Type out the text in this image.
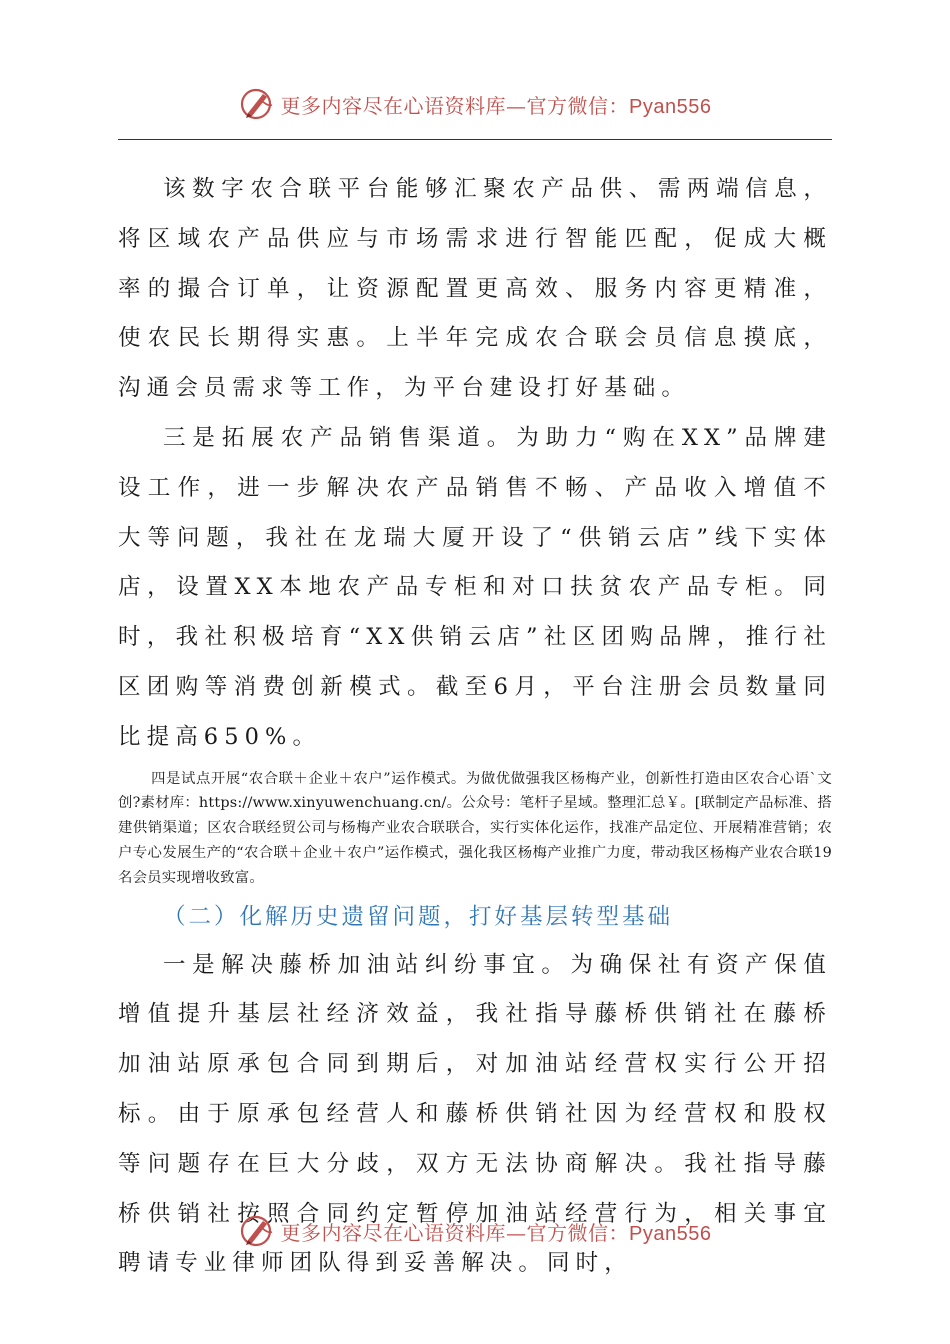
更多内容尽在心语资料库—官方微信：Pyan556

该数字农合联平台能够汇聚农产品供、需两端信息，将区域农产品供应与市场需求进行智能匹配，促成大概率的撮合订单，让资源配置更高效、服务内容更精准，使农民长期得实惠。上半年完成农合联会员信息摸底，沟通会员需求等工作，为平台建设打好基础。

三是拓展农产品销售渠道。为助力“购在XX”品牌建设工作，进一步解决农产品销售不畅、产品收入增值不大等问题，我社在龙瑞大厦开设了“供销云店”线下实体店，设置XX本地农产品专柜和对口扶贫农产品专柜。同时，我社积极培育“XX供销云店”社区团购品牌，推行社区团购等消费创新模式。截至6月，平台注册会员数量同比提高650%。

四是试点开展“农合联＋企业＋农户”运作模式。为做优做强我区杨梅产业，创新性打造由区农合心语`文创?素材库：https://www.xinyuwenchuang.cn/。公众号：笔杆子星域。整理汇总￥。[联制定产品标准、搭建供销渠道；区农合联经贸公司与杨梅产业农合联联合，实行实体化运作，找准产品定位、开展精准营销；农户专心发展生产的“农合联＋企业＋农户”运作模式，强化我区杨梅产业推广力度，带动我区杨梅产业农合联19名会员实现增收致富。

（二）化解历史遗留问题，打好基层转型基础

一是解决藤桥加油站纠纷事宜。为确保社有资产保值增值提升基层社经济效益，我社指导藤桥供销社在藤桥加油站原承包合同到期后，对加油站经营权实行公开招标。由于原承包经营人和藤桥供销社因为经营权和股权等问题存在巨大分歧，双方无法协商解决。我社指导藤桥供销社按照合同约定暂停加油站经营行为，相关事宜聘请专业律师团队得到妥善解决。同时，

更多内容尽在心语资料库—官方微信：Pyan556
